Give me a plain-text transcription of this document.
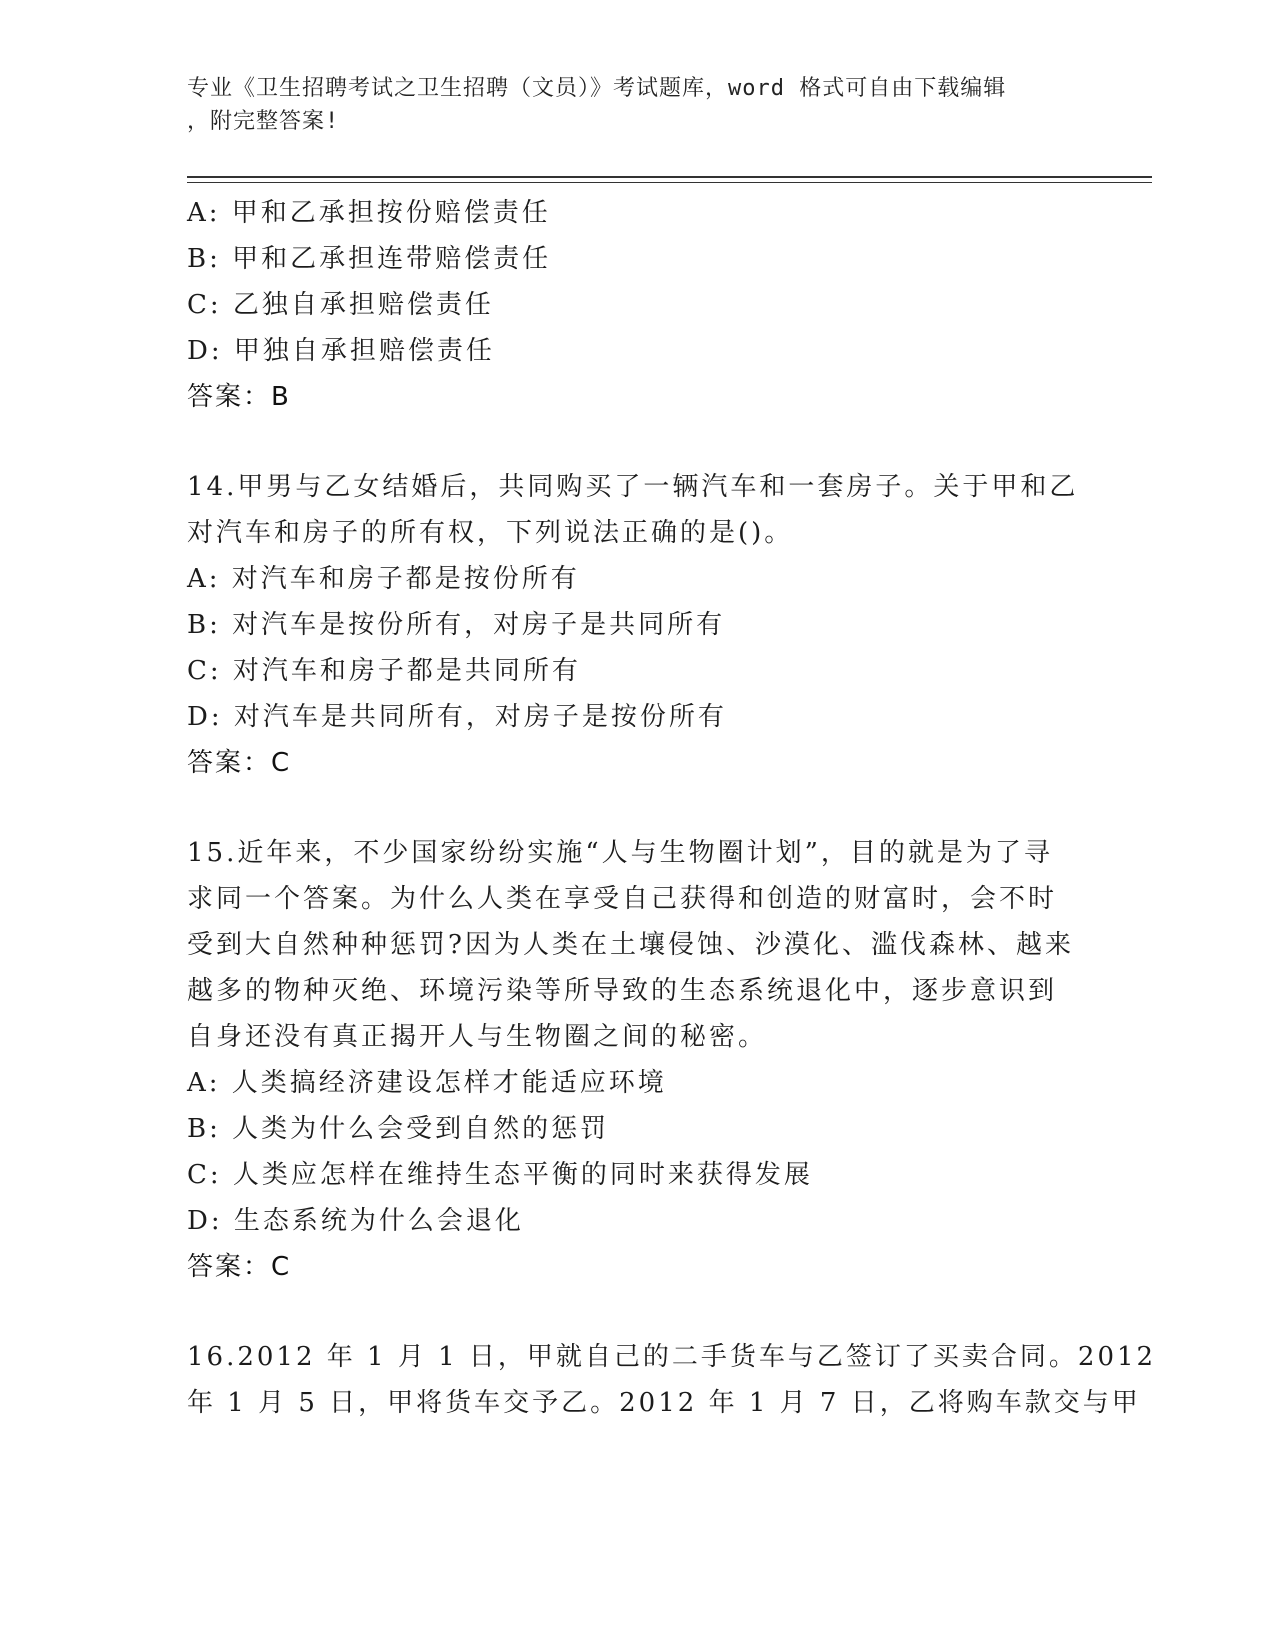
专业《卫生招聘考试之卫生招聘（文员）》考试题库，word 格式可自由下载编辑
，附完整答案!
A: 甲和乙承担按份赔偿责任
B: 甲和乙承担连带赔偿责任
C: 乙独自承担赔偿责任
D: 甲独自承担赔偿责任
答案：B
14.甲男与乙女结婚后，共同购买了一辆汽车和一套房子。关于甲和乙
对汽车和房子的所有权，下列说法正确的是()。
A: 对汽车和房子都是按份所有
B: 对汽车是按份所有，对房子是共同所有
C: 对汽车和房子都是共同所有
D: 对汽车是共同所有，对房子是按份所有
答案：C
15.近年来，不少国家纷纷实施“人与生物圈计划”，目的就是为了寻
求同一个答案。为什么人类在享受自己获得和创造的财富时，会不时
受到大自然种种惩罚?因为人类在土壤侵蚀、沙漠化、滥伐森林、越来
越多的物种灭绝、环境污染等所导致的生态系统退化中，逐步意识到
自身还没有真正揭开人与生物圈之间的秘密。
A: 人类搞经济建设怎样才能适应环境
B: 人类为什么会受到自然的惩罚
C: 人类应怎样在维持生态平衡的同时来获得发展
D: 生态系统为什么会退化
答案：C
16.2012 年 1 月 1 日，甲就自己的二手货车与乙签订了买卖合同。2012
年 1 月 5 日，甲将货车交予乙。2012 年 1 月 7 日，乙将购车款交与甲
